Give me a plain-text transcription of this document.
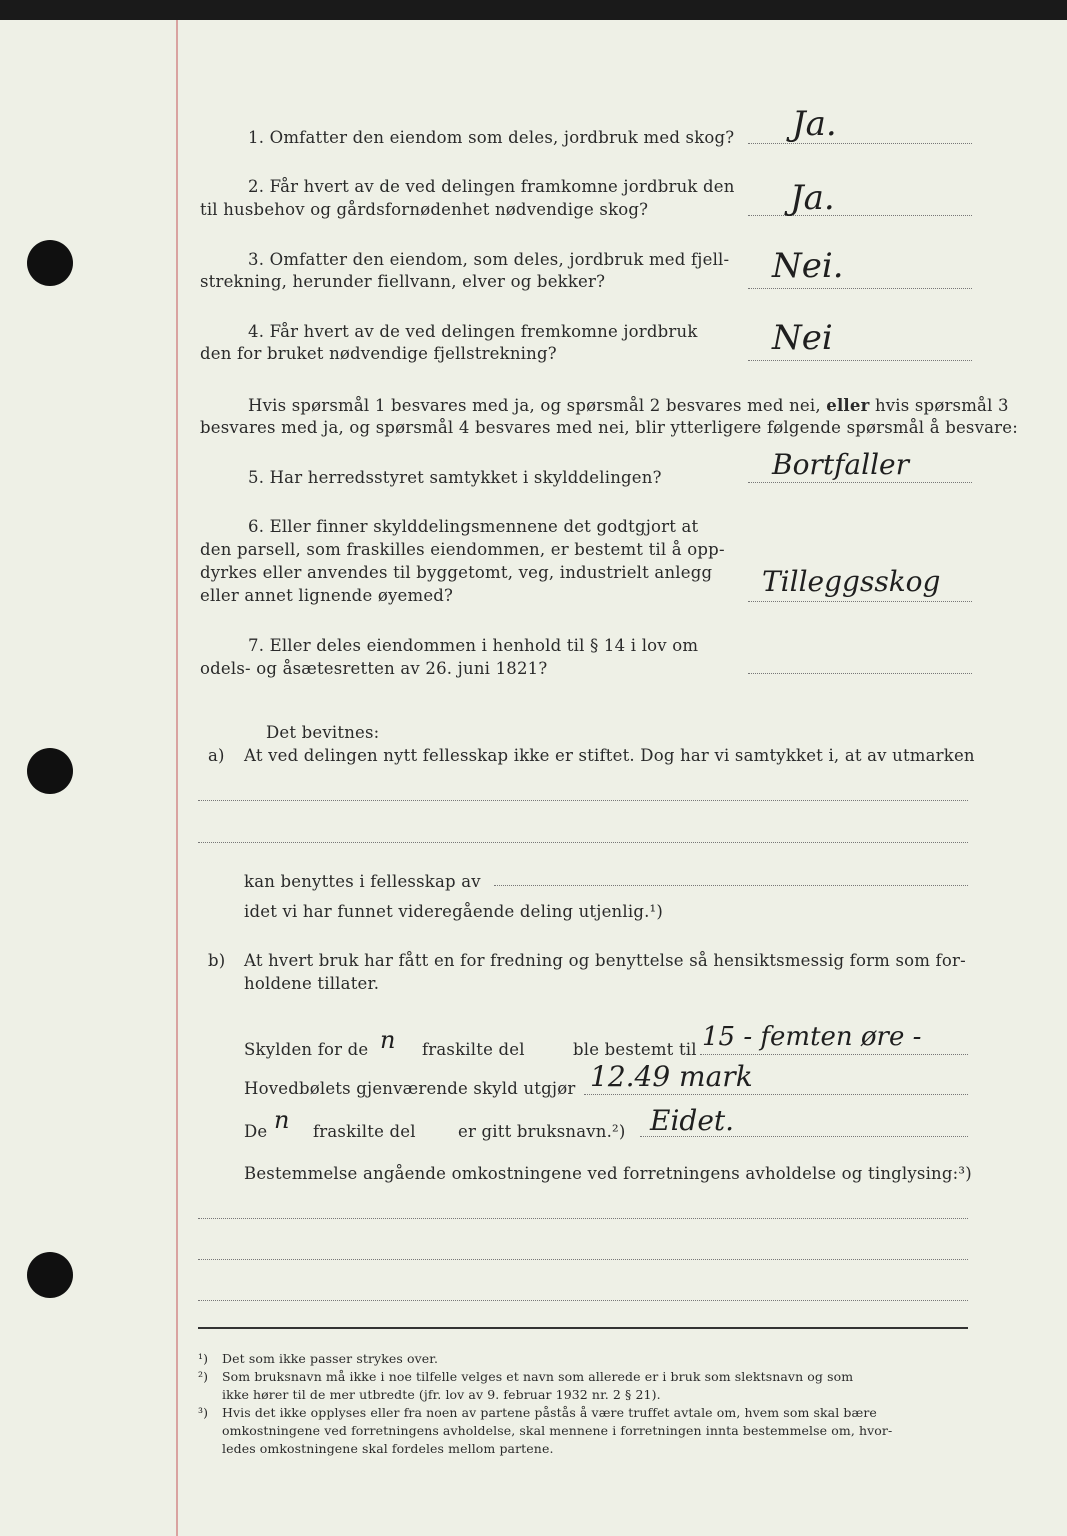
1. Omfatter den eiendom som deles, jordbruk med skog? Ja.
2. Får hvert av de ved delingen framkomne jordbruk den
til husbehov og gårdsfornødenhet nødvendige skog?	Ja.
3. Omfatter den eiendom, som deles, jordbruk med fjell-
strekning, herunder fiellvann, elver og bekker?	Nei.
4. Får hvert av de ved delingen fremkomne jordbruk
den for bruket nødvendige fjellstrekning?	Nei
Hvis spørsmål 1 besvares med ja, og spørsmål 2 besvares med nei, eller hvis spørsmål 3
besvares med ja, og spørsmål 4 besvares med nei, blir ytterligere følgende spørsmål å besvare:
5. Har herredsstyret samtykket i skylddelingen?	Bortfaller
6. Eller finner skylddelingsmennene det godtgjort at
den parsell, som fraskilles eiendommen, er bestemt til å opp-
dyrkes eller anvendes til byggetomt, veg, industrielt anlegg
eller annet lignende øyemed?	Tilleggsskog
7. Eller deles eiendommen i henhold til § 14 i lov om
odels- og åsætesretten av 26. juni 1821?
Det bevitnes:
a) At ved delingen nytt fellesskap ikke er stiftet. Dog har vi samtykket i, at av utmarken
kan benyttes i fellesskap av
idet vi har funnet videregående deling utjenlig.¹)
b) At hvert bruk har fått en for fredning og benyttelse så hensiktsmessig form som for-
holdene tillater.
Skylden for de n fraskilte del	ble bestemt til 15 - femten øre -
Hovedbølets gjenværende skyld utgjør 12.49 mark
De n fraskilte del	er gitt bruksnavn.²) Eidet.
Bestemmelse angående omkostningene ved forretningens avholdelse og tinglysing:³)
¹) Det som ikke passer strykes over.
²) Som bruksnavn må ikke i noe tilfelle velges et navn som allerede er i bruk som slektsnavn og som
ikke hører til de mer utbredte (jfr. lov av 9. februar 1932 nr. 2 § 21).
³) Hvis det ikke opplyses eller fra noen av partene påstås å være truffet avtale om, hvem som skal bære
omkostningene ved forretningens avholdelse, skal mennene i forretningen innta bestemmelse om, hvor-
ledes omkostningene skal fordeles mellom partene.
